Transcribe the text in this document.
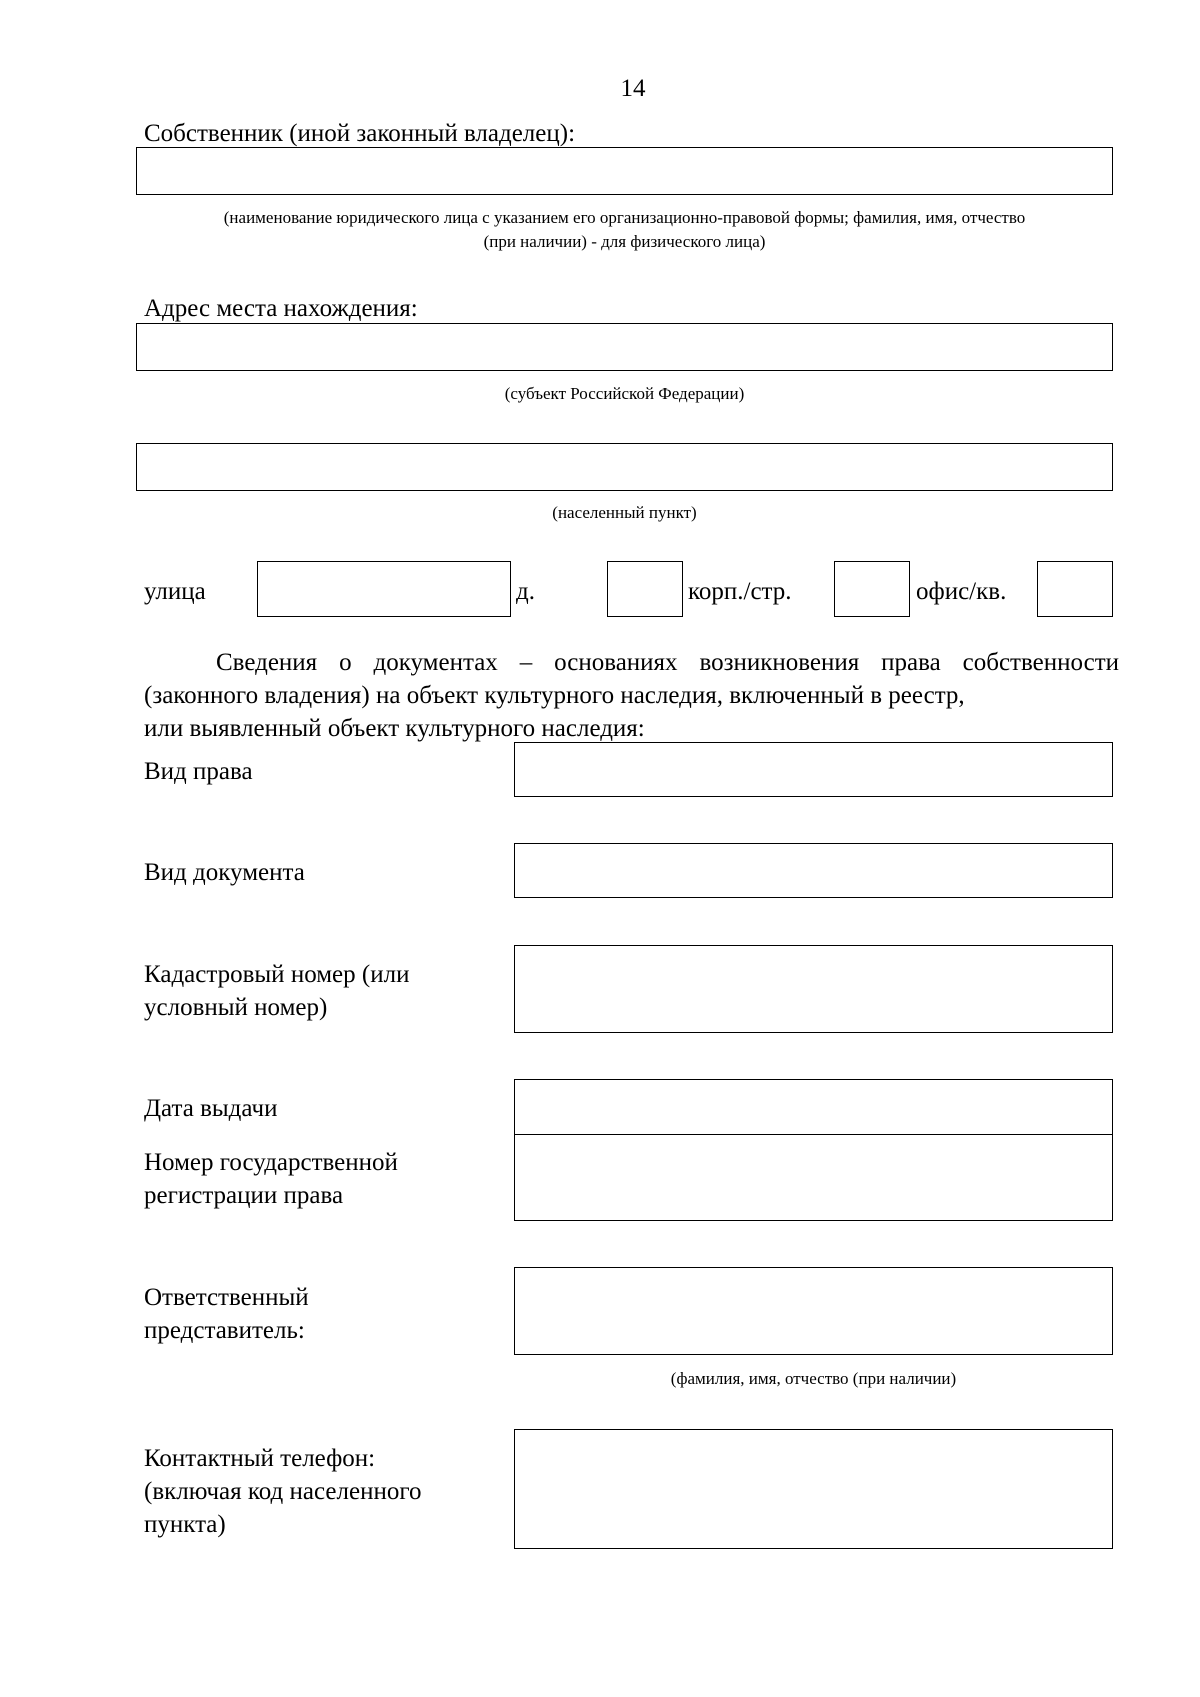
14
Собственник (иной законный владелец):
(наименование юридического лица с указанием его организационно-правовой формы; фамилия, имя, отчество
(при наличии) - для физического лица)
Адрес места нахождения:
(субъект Российской Федерации)
(населенный пункт)
улица	д.	корп./стр.	офис/кв.
Сведения о документах – основаниях возникновения права собственности (законного владения) на объект культурного наследия, включенный в реестр,
или выявленный объект культурного наследия:
Вид права
Вид документа
Кадастровый номер (или
условный номер)
Дата выдачи
Номер государственной
регистрации права
Ответственный
представитель:
(фамилия, имя, отчество (при наличии)
Контактный телефон:
(включая код населенного
пункта)
